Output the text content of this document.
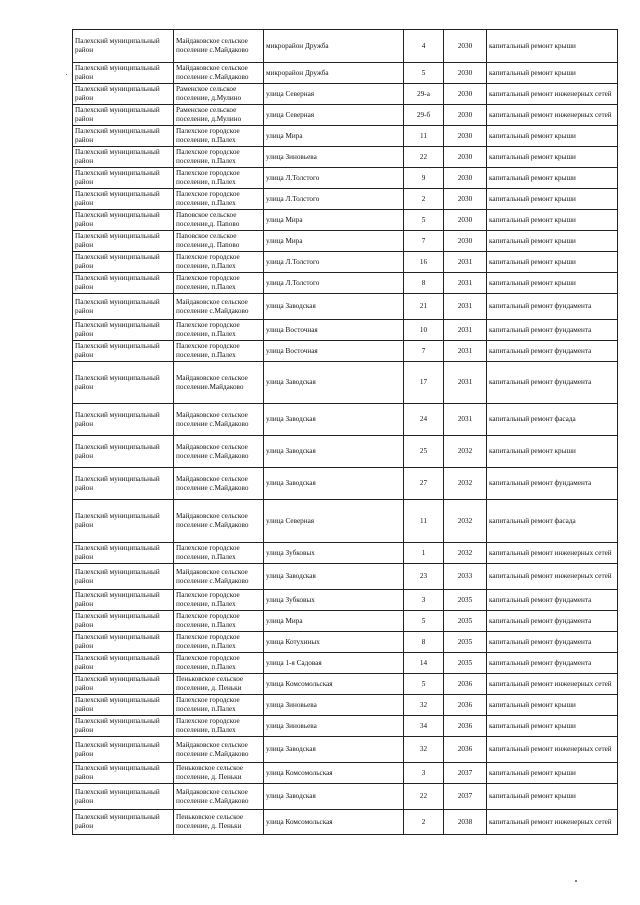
Палехский муниципальный район	Майдаковское сельское поселение с.Майдаково	микрорайон Дружба	4	2030	капитальный ремонт крыши
Палехский муниципальный район	Майдаковское сельское поселение с.Майдаково	микрорайон Дружба	5	2030	капитальный ремонт крыши
Палехский муниципальный район	Раменское сельское поселение, д.Мулино	улица Северная	29-а	2030	капитальный ремонт инженерных сетей
Палехский муниципальный район	Раменское сельское поселение, д.Мулино	улица Северная	29-б	2030	капитальный ремонт инженерных сетей
Палехский муниципальный район	Палехское городское поселение, п.Палех	улица Мира	11	2030	капитальный ремонт крыши
Палехский муниципальный район	Палехское городское поселение, п.Палех	улица Зиновьева	22	2030	капитальный ремонт крыши
Палехский муниципальный район	Палехское городское поселение, п.Палех	улица Л.Толстого	9	2030	капитальный ремонт крыши
Палехский муниципальный район	Палехское городское поселение, п.Палех	улица Л.Толстого	2	2030	капитальный ремонт крыши
Палехский муниципальный район	Паnовское сельское поселение,д. Паnово	улица Мира	5	2030	капитальный ремонт крыши
Палехский муниципальный район	Паnовское сельское поселение,д. Паnово	улица Мира	7	2030	капитальный ремонт крыши
Палехский муниципальный район	Палехское городское поселение, п.Палех	улица Л.Толстого	16	2031	капитальный ремонт крыши
Палехский муниципальный район	Палехское городское поселение, п.Палех	улица Л.Толстого	8	2031	капитальный ремонт крыши
Палехский муниципальный район	Майдаковское сельское поселение с.Майдаково	улица Заводская	21	2031	капитальный ремонт фундамента
Палехский муниципальный район	Палехское городское поселение, п.Палех	улица Восточная	10	2031	капитальный ремонт фундамента
Палехский муниципальный район	Палехское городское поселение, п.Палех	улица Восточная	7	2031	капитальный ремонт фундамента
Палехский муниципальный район	Майдаковское сельское поселение.Майдаково	улица Заводская	17	2031	капитальный ремонт фундамента
Палехский муниципальный район	Майдаковское сельское поселение с.Майдаково	улица Заводская	24	2031	капитальный ремонт фасада
Палехский муниципальный район	Майдаковское сельское поселение с.Майдаково	улица Заводская	25	2032	капитальный ремонт крыши
Палехский муниципальный район	Майдаковское сельское поселение с.Майдаково	улица Заводская	27	2032	капитальный ремонт фундамента
Палехский муниципальный район	Майдаковское сельское поселение с.Майдаково	улица Северная	11	2032	капитальный ремонт фасада
Палехский муниципальный район	Палехское городское поселение, п.Палех	улица Зубковых	1	2032	капитальный ремонт инженерных сетей
Палехский муниципальный район	Майдаковское сельское поселение с.Майдаково	улица Заводская	23	2033	капитальный ремонт инженерных сетей
Палехский муниципальный район	Палехское городское поселение, п.Палех	улица Зубковых	3	2035	капитальный ремонт фундамента
Палехский муниципальный район	Палехское городское поселение, п.Палех	улица Мира	5	2035	капитальный ремонт фундамента
Палехский муниципальный район	Палехское городское поселение, п.Палех	улица Котухиных	8	2035	капитальный ремонт фундамента
Палехский муниципальный район	Палехское городское поселение, п.Палех	улица 1-я Садовая	14	2035	капитальный ремонт фундамента
Палехский муниципальный район	Пеньковское сельское поселение, д. Пеньки	улица Комсомольская	5	2036	капитальный ремонт инженерных сетей
Палехский муниципальный район	Палехское городское поселение, п.Палех	улица Зиновьева	32	2036	капитальный ремонт крыши
Палехский муниципальный район	Палехское городское поселение, п.Палех	улица Зиновьева	34	2036	капитальный ремонт крыши
Палехский муниципальный район	Майдаковское сельское поселение с.Майдаково	улица Заводская	32	2036	капитальный ремонт инженерных сетей
Палехский муниципальный район	Пеньковское сельское поселение, д. Пеньки	улица Комсомольская	3	2037	капитальный ремонт крыши
Палехский муниципальный район	Майдаковское сельское поселение с.Майдаково	улица Заводская	22	2037	капитальный ремонт крыши
Палехский муниципальный район	Пеньковское сельское поселение, д. Пеньки	улица Комсомольская	2	2038	капитальный ремонт инженерных сетей
